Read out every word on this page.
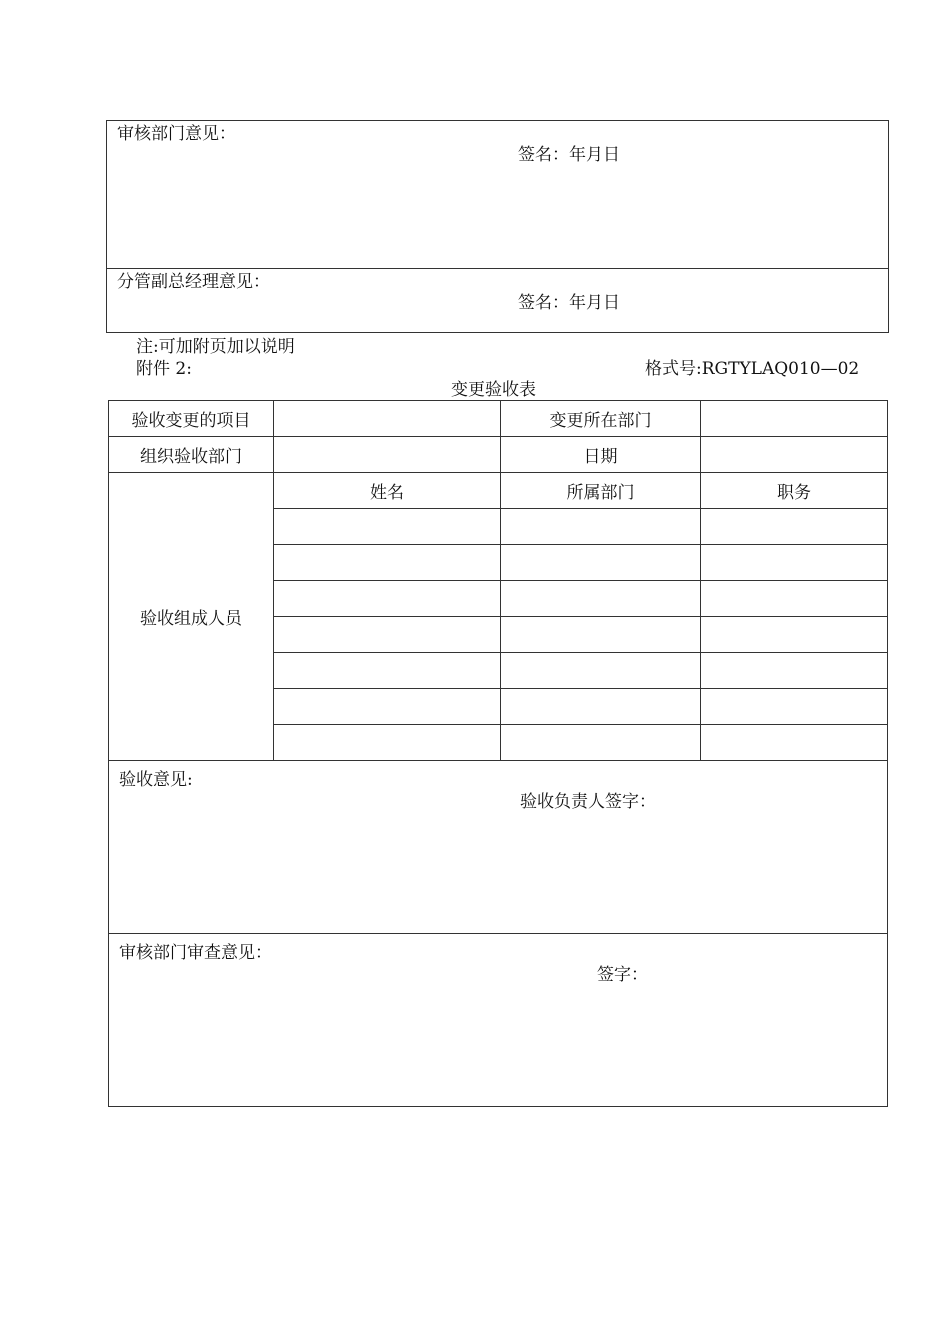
审核部门意见：
签名：年月日
分管副总经理意见：
签名：年月日
注:可加附页加以说明
附件 2:	格式号:RGTYLAQ010—02
变更验收表
验收变更的项目		变更所在部门	
组织验收部门		日期	
验收组成人员	姓名	所属部门	职务

验收意见:
验收负责人签字：			

审核部门审查意见：
签字：			
